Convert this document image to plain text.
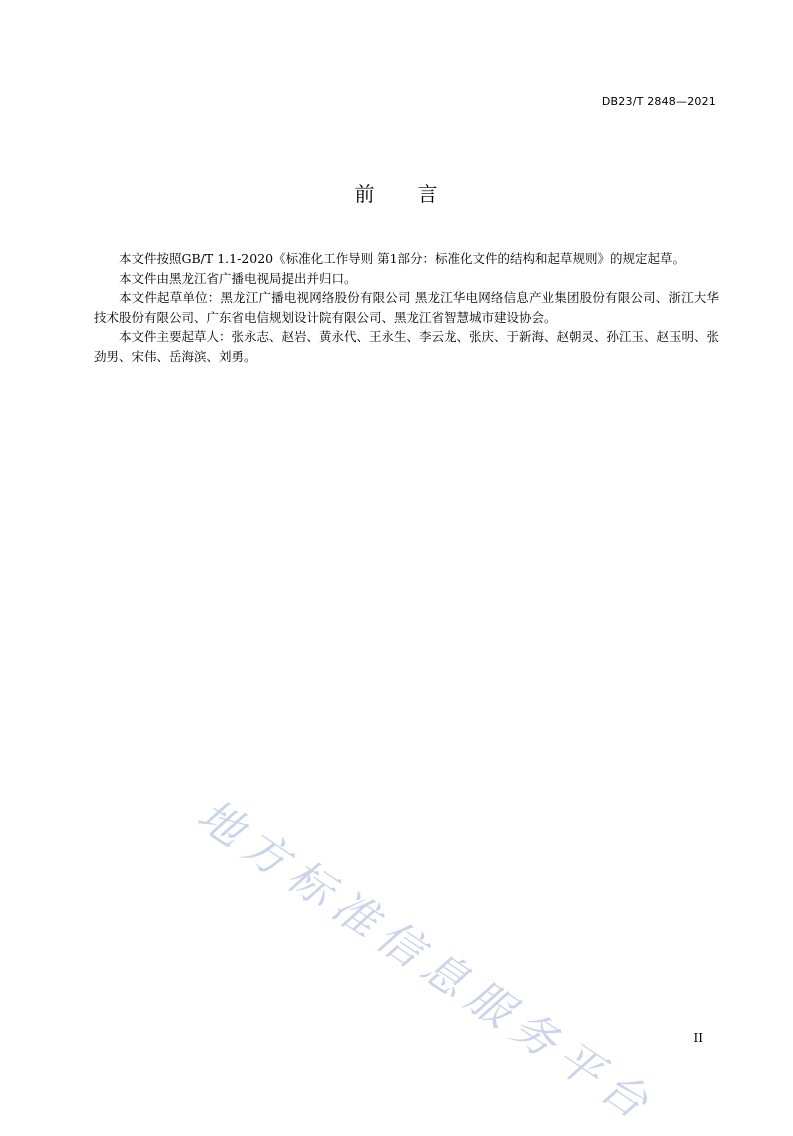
DB23/T 2848—2021
前 言

本文件按照GB/T 1.1-2020《标准化工作导则 第1部分：标准化文件的结构和起草规则》的规定起草。

本文件由黑龙江省广播电视局提出并归口。

本文件起草单位：黑龙江广播电视网络股份有限公司 黑龙江华电网络信息产业集团股份有限公司、浙江大华技术股份有限公司、广东省电信规划设计院有限公司、黑龙江省智慧城市建设协会。

本文件主要起草人：张永志、赵岩、黄永代、王永生、李云龙、张庆、于新海、赵朝灵、孙江玉、赵玉明、张劲男、宋伟、岳海滨、刘勇。

地方标准信息服务平台	II
